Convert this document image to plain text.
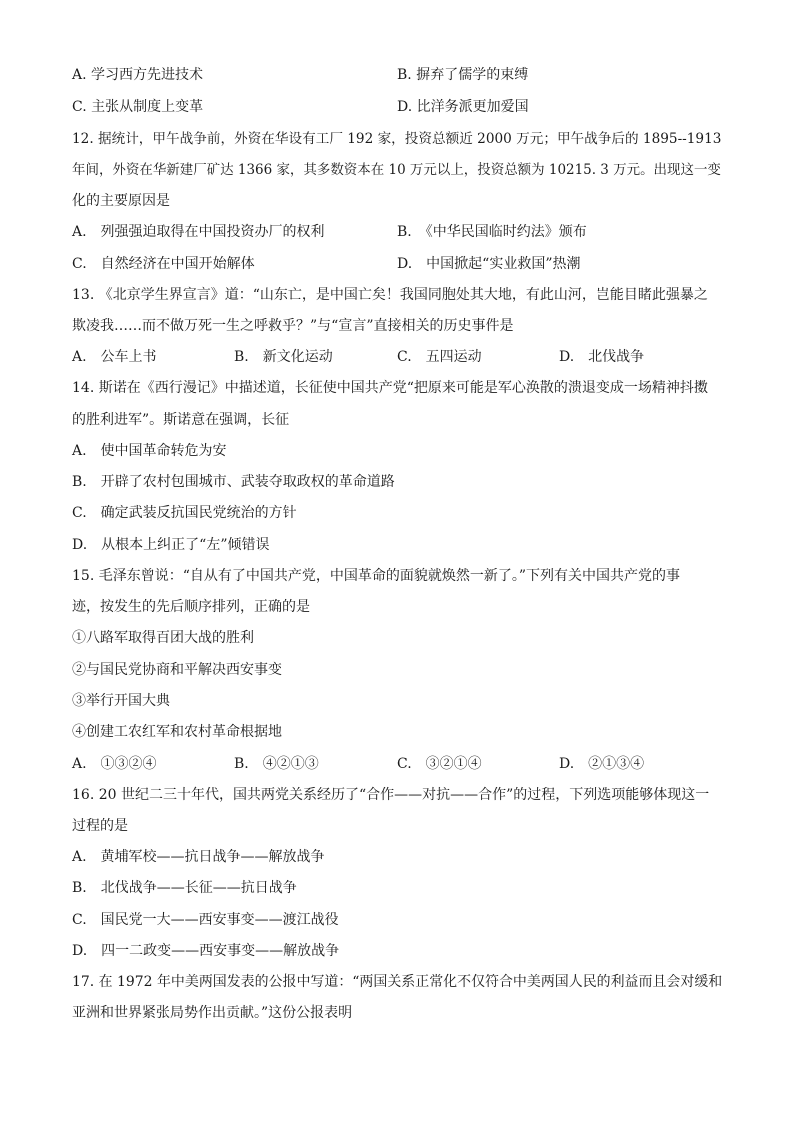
A. 学习西方先进技术	B. 摒弃了儒学的束缚
C. 主张从制度上变革	D. 比洋务派更加爱国
12. 据统计，甲午战争前，外资在华设有工厂 192 家，投资总额近 2000 万元；甲午战争后的 1895--1913
年间，外资在华新建厂矿达 1366 家，其多数资本在 10 万元以上，投资总额为 10215. 3 万元。出现这一变
化的主要原因是
A.　列强强迫取得在中国投资办厂的权利	B.　《中华民国临时约法》颁布
C.　自然经济在中国开始解体	D.　中国掀起“实业救国”热潮
13. 《北京学生界宣言》道：“山东亡，是中国亡矣！我国同胞处其大地，有此山河，岂能目睹此强暴之
欺凌我……而不做万死一生之呼救乎？”与“宣言”直接相关的历史事件是
A.　公车上书	B.　新文化运动	C.　五四运动	D.　北伐战争
14. 斯诺在《西行漫记》中描述道，长征使中国共产党“把原来可能是军心涣散的溃退变成一场精神抖擞
的胜利进军”。斯诺意在强调，长征
A.　使中国革命转危为安
B.　开辟了农村包围城市、武装夺取政权的革命道路
C.　确定武装反抗国民党统治的方针
D.　从根本上纠正了“左”倾错误
15. 毛泽东曾说：“自从有了中国共产党，中国革命的面貌就焕然一新了。”下列有关中国共产党的事
迹，按发生的先后顺序排列，正确的是
①八路军取得百团大战的胜利
②与国民党协商和平解决西安事变
③举行开国大典
④创建工农红军和农村革命根据地
A.　①③②④	B.　④②①③	C.　③②①④	D.　②①③④
16. 20 世纪二三十年代，国共两党关系经历了“合作——对抗——合作”的过程，下列选项能够体现这一
过程的是
A.　黄埔军校——抗日战争——解放战争
B.　北伐战争——长征——抗日战争
C.　国民党一大——西安事变——渡江战役
D.　四一二政变——西安事变——解放战争
17. 在 1972 年中美两国发表的公报中写道：“两国关系正常化不仅符合中美两国人民的利益而且会对缓和
亚洲和世界紧张局势作出贡献。”这份公报表明
